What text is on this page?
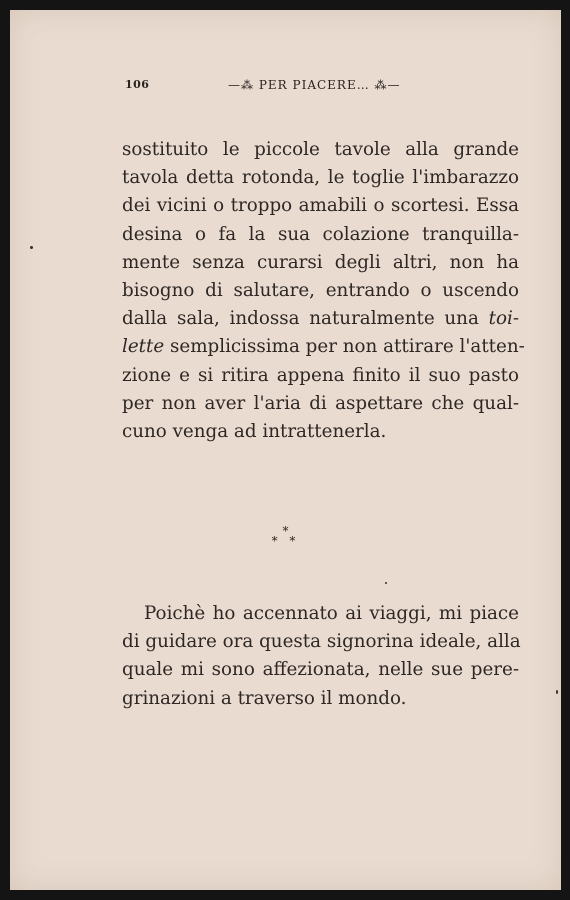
106	—⁂ PER PIACERE… ⁂—
sostituito le piccole tavole alla grande
tavola detta rotonda, le toglie l'imbarazzo
dei vicini o troppo amabili o scortesi. Essa
desina o fa la sua colazione tranquilla-
mente senza curarsi degli altri, non ha
bisogno di salutare, entrando o uscendo
dalla sala, indossa naturalmente una toi-
lette semplicissima per non attirare l'atten-
zione e si ritira appena finito il suo pasto
per non aver l'aria di aspettare che qual-
cuno venga ad intrattenerla.
⁎
⁎ ⁎
Poichè ho accennato ai viaggi, mi piace
di guidare ora questa signorina ideale, alla
quale mi sono affezionata, nelle sue pere-
grinazioni a traverso il mondo.
